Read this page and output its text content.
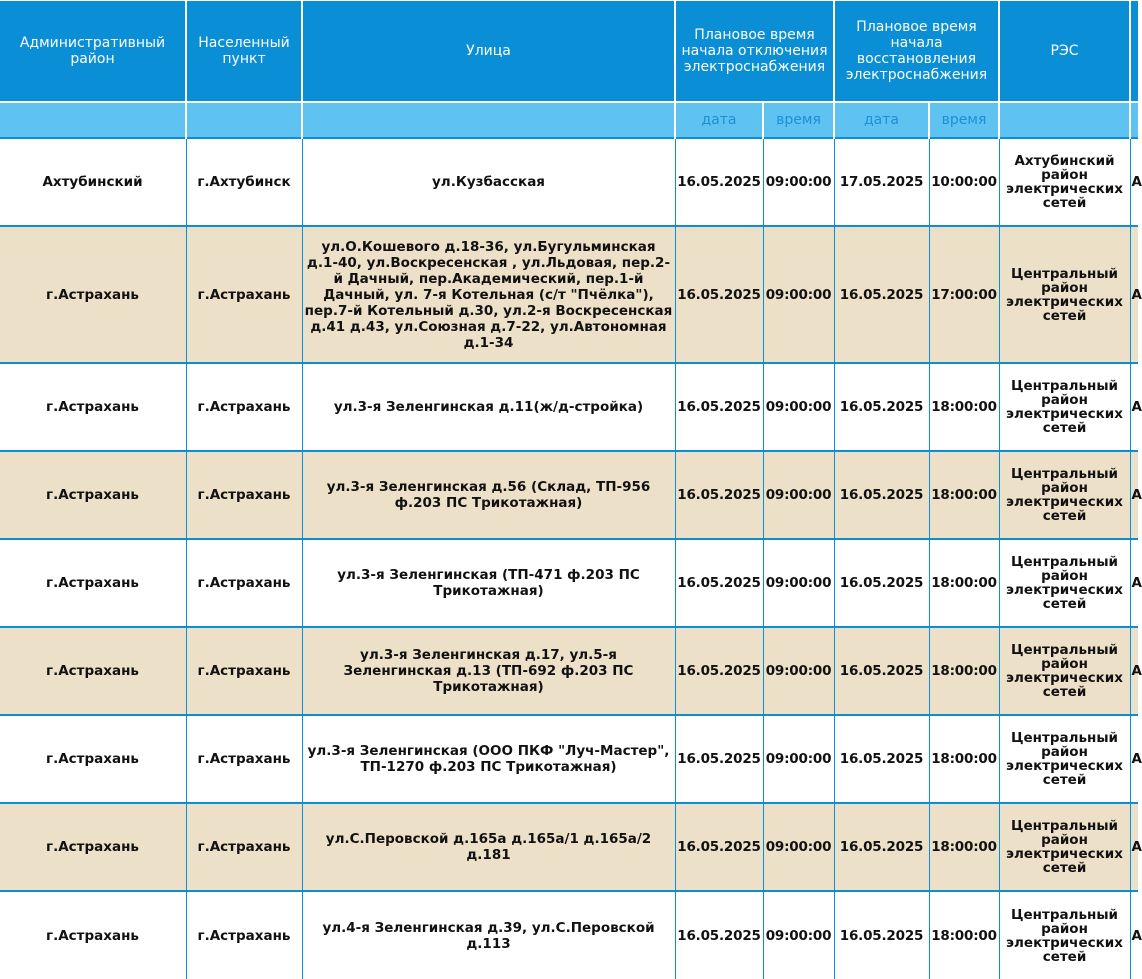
Административный район	Населенный пункт	Улица	Плановое время начала отключения электроснабжения		Плановое время начала восстановления электроснабжения		РЭС	
			дата	время	дата	время		
Ахтубинский	г.Ахтубинск	ул.Кузбасская	16.05.2025	09:00:00	17.05.2025	10:00:00	Ахтубинский район электрических сетей	А
г.Астрахань	г.Астрахань	ул.О.Кошевого д.18-36, ул.Бугульминская д.1-40, ул.Воскресенская , ул.Льдовая, пер.2-й Дачный, пер.Академический, пер.1-й Дачный, ул. 7-я Котельная (с/т "Пчёлка"), пер.7-й Котельный д.30, ул.2-я Воскресенская д.41 д.43, ул.Союзная д.7-22, ул.Автономная д.1-34	16.05.2025	09:00:00	16.05.2025	17:00:00	Центральный район электрических сетей	А
г.Астрахань	г.Астрахань	ул.3-я Зеленгинская д.11(ж/д-стройка)	16.05.2025	09:00:00	16.05.2025	18:00:00	Центральный район электрических сетей	А
г.Астрахань	г.Астрахань	ул.3-я Зеленгинская д.56 (Склад, ТП-956 ф.203 ПС Трикотажная)	16.05.2025	09:00:00	16.05.2025	18:00:00	Центральный район электрических сетей	А
г.Астрахань	г.Астрахань	ул.3-я Зеленгинская (ТП-471 ф.203 ПС Трикотажная)	16.05.2025	09:00:00	16.05.2025	18:00:00	Центральный район электрических сетей	А
г.Астрахань	г.Астрахань	ул.3-я Зеленгинская д.17, ул.5-я Зеленгинская д.13 (ТП-692 ф.203 ПС Трикотажная)	16.05.2025	09:00:00	16.05.2025	18:00:00	Центральный район электрических сетей	А
г.Астрахань	г.Астрахань	ул.3-я Зеленгинская (ООО ПКФ "Луч-Мастер", ТП-1270 ф.203 ПС Трикотажная)	16.05.2025	09:00:00	16.05.2025	18:00:00	Центральный район электрических сетей	А
г.Астрахань	г.Астрахань	ул.С.Перовской д.165а д.165а/1 д.165а/2 д.181	16.05.2025	09:00:00	16.05.2025	18:00:00	Центральный район электрических сетей	А
г.Астрахань	г.Астрахань	ул.4-я Зеленгинская д.39, ул.С.Перовской д.113	16.05.2025	09:00:00	16.05.2025	18:00:00	Центральный район электрических сетей	А
